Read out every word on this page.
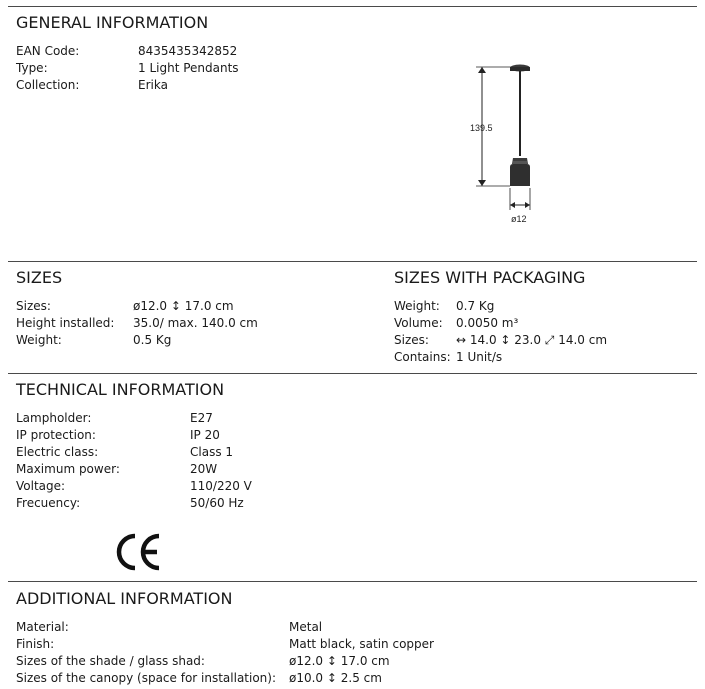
GENERAL INFORMATION
EAN Code:	8435435342852
Type:	1 Light Pendants
Collection:	Erika
139.5
ø12
SIZES	SIZES WITH PACKAGING
Sizes:	ø12.0 ↕ 17.0 cm
Height installed: 35.0/ max. 140.0 cm
Weight:	0.5 Kg
Weight: 0.7 Kg
Volume: 0.0050 m³
Sizes: ↔ 14.0 ↕ 23.0 ⤢ 14.0 cm
Contains: 1 Unit/s
TECHNICAL INFORMATION
Lampholder:	E27
IP protection:	IP 20
Electric class:	Class 1
Maximum power:	20W
Voltage:	110/220 V
Frecuency:	50/60 Hz
ADDITIONAL INFORMATION
Material:	Metal
Finish:	Matt black, satin copper
Sizes of the shade / glass shad:	ø12.0 ↕ 17.0 cm
Sizes of the canopy (space for installation): ø10.0 ↕ 2.5 cm
